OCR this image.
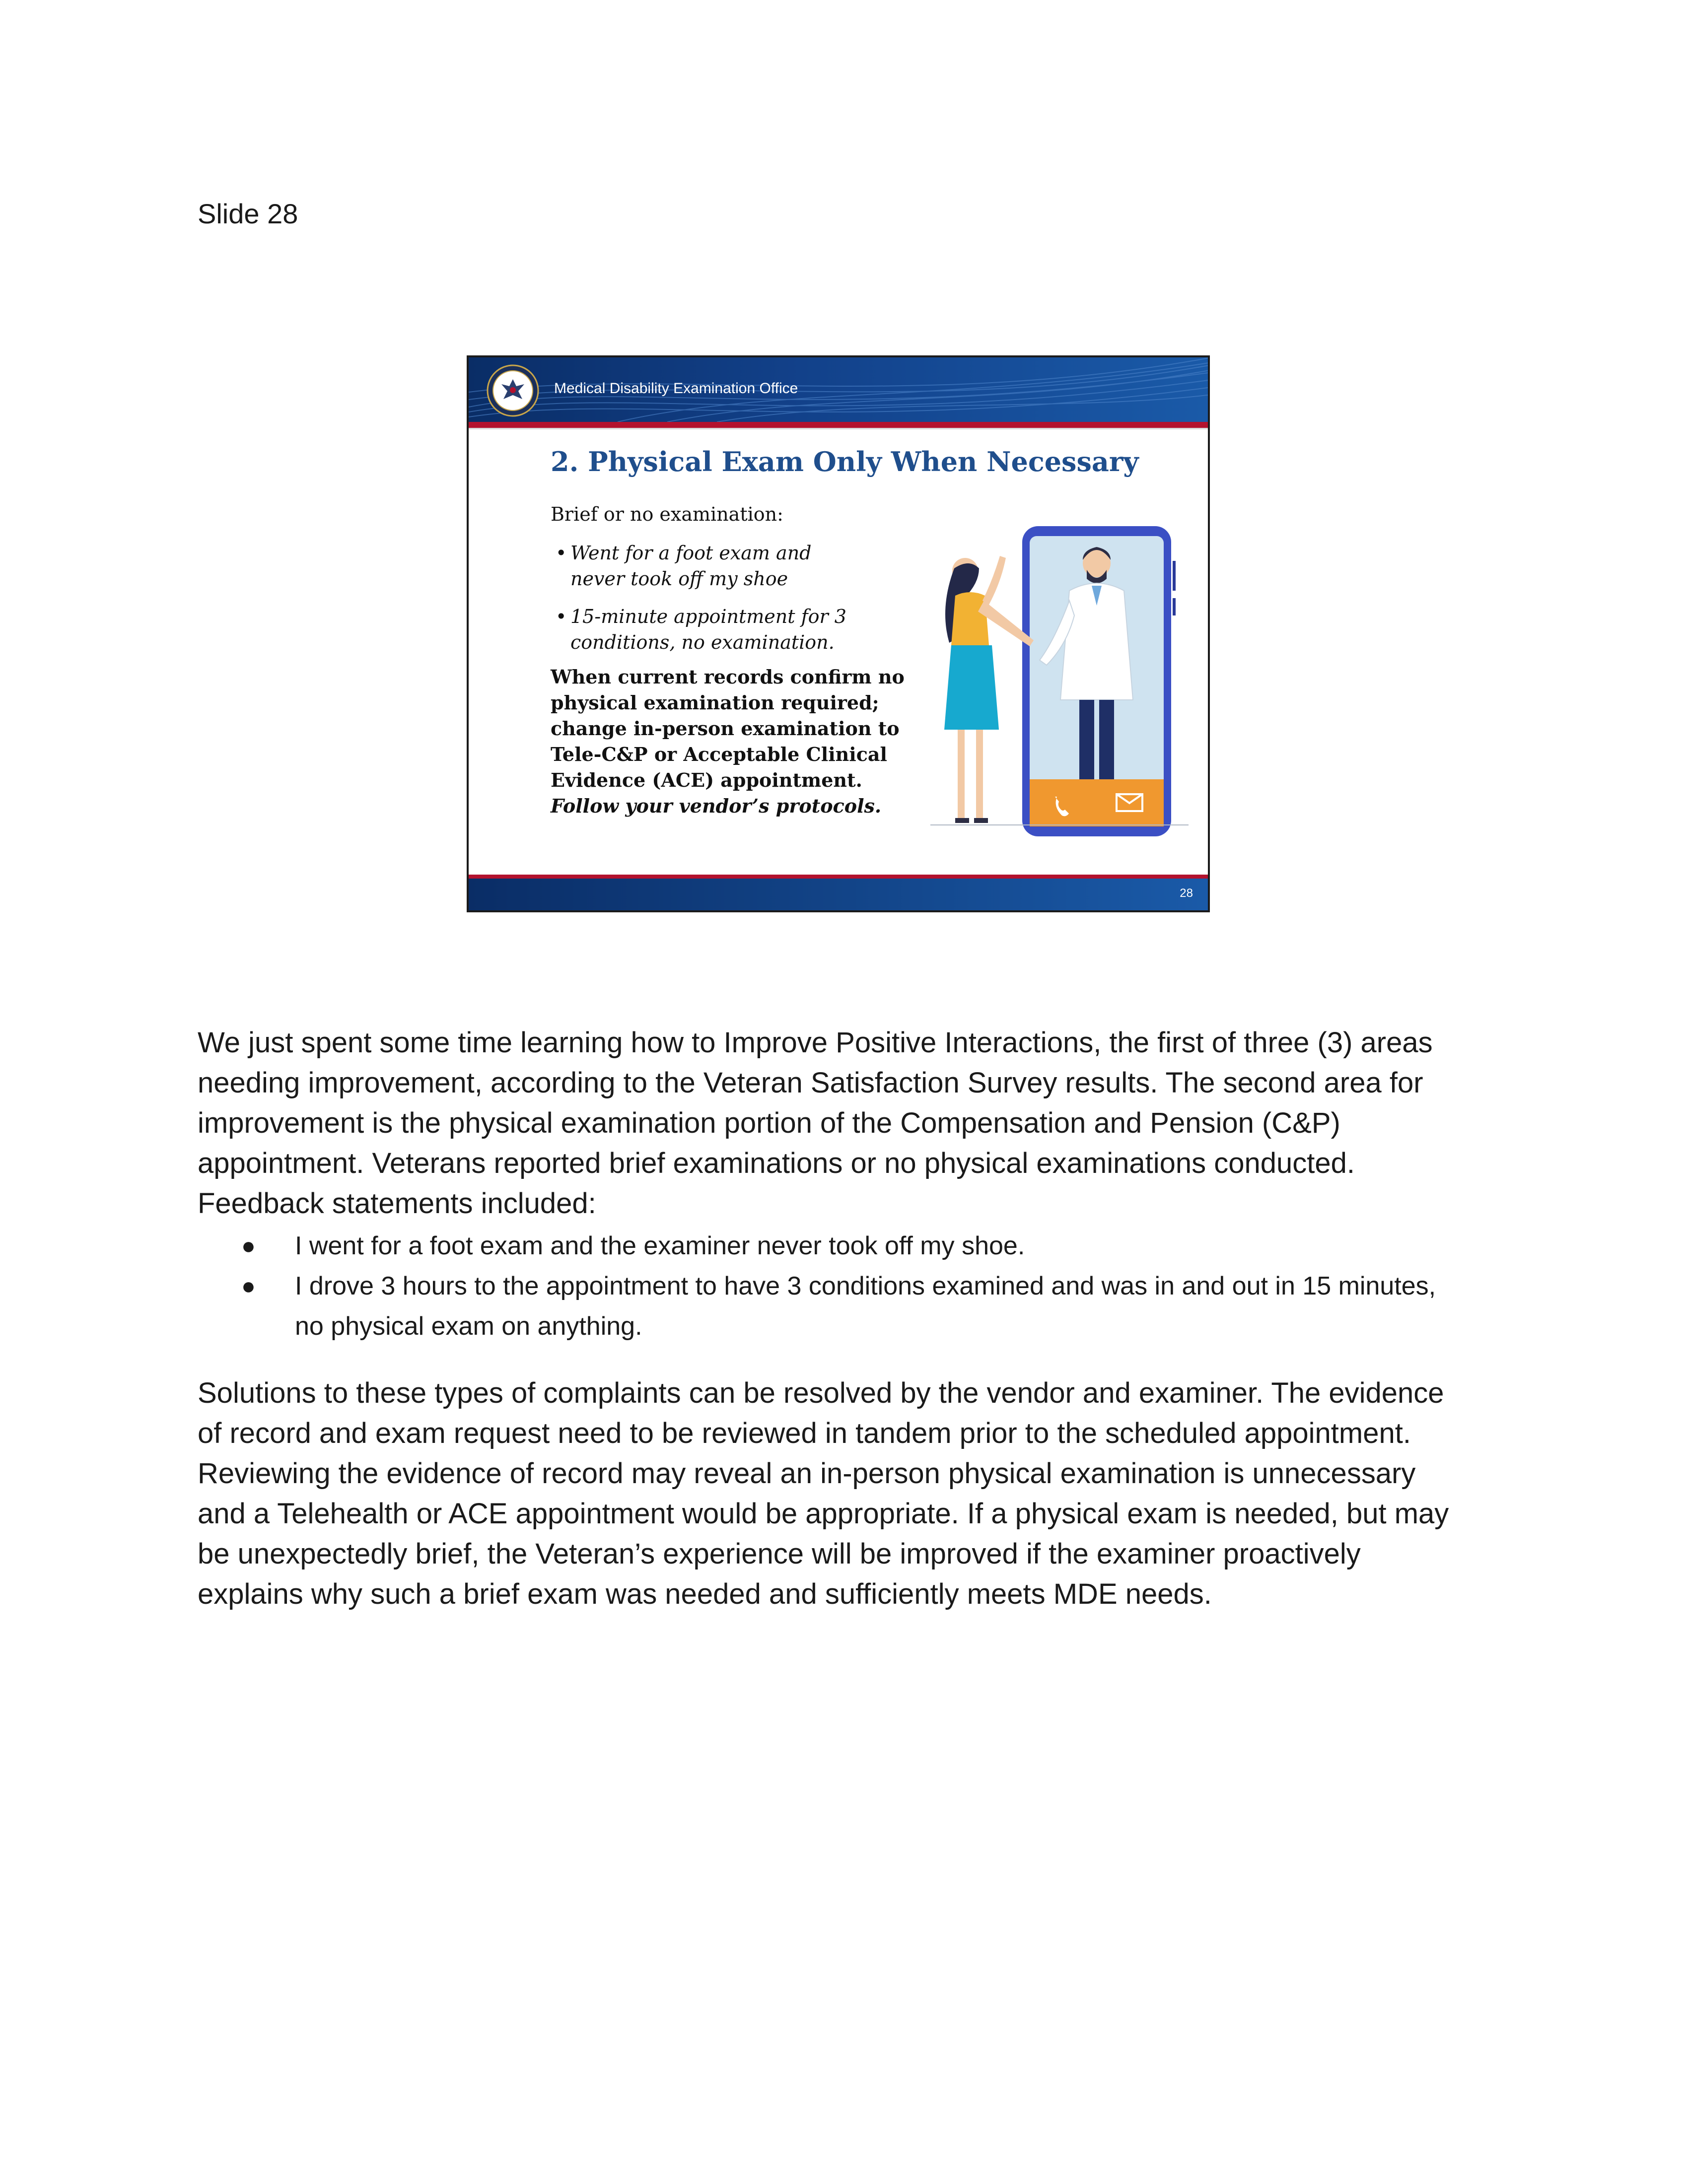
Slide 28
Medical Disability Examination Office
2. Physical Exam Only When Necessary
Brief or no examination:
• Went for a foot exam and never took off my shoe
• 15-minute appointment for 3 conditions, no examination.
When current records confirm no physical examination required; change in-person examination to Tele-C&P or Acceptable Clinical Evidence (ACE) appointment. Follow your vendor’s protocols.
28
We just spent some time learning how to Improve Positive Interactions, the first of three (3) areas needing improvement, according to the Veteran Satisfaction Survey results. The second area for improvement is the physical examination portion of the Compensation and Pension (C&P) appointment. Veterans reported brief examinations or no physical examinations conducted. Feedback statements included:
● I went for a foot exam and the examiner never took off my shoe.
● I drove 3 hours to the appointment to have 3 conditions examined and was in and out in 15 minutes, no physical exam on anything.
Solutions to these types of complaints can be resolved by the vendor and examiner. The evidence of record and exam request need to be reviewed in tandem prior to the scheduled appointment. Reviewing the evidence of record may reveal an in-person physical examination is unnecessary and a Telehealth or ACE appointment would be appropriate. If a physical exam is needed, but may be unexpectedly brief, the Veteran’s experience will be improved if the examiner proactively explains why such a brief exam was needed and sufficiently meets MDE needs.
